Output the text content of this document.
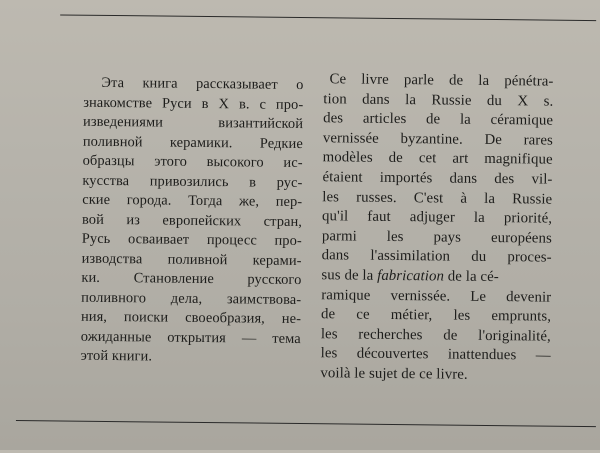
Эта книга рассказывает о
знакомстве Руси в X в. с про-
изведениями византийской
поливной керамики. Редкие
образцы этого высокого ис-
кусства привозились в рус-
ские города. Тогда же, пер-
вой из европейских стран,
Русь осваивает процесс про-
изводства поливной керами-
ки. Становление русского
поливного дела, заимствова-
ния, поиски своеобразия, не-
ожиданные открытия — тема
этой книги.
Ce livre parle de la pénétra-
tion dans la Russie du X s.
des articles de la céramique
vernissée byzantine. De rares
modèles de cet art magnifique
étaient importés dans des vil-
les russes. C'est à la Russie
qu'il faut adjuger la priorité,
parmi les pays européens
dans l'assimilation du proces-
sus de la fabrication de la cé-
ramique vernissée. Le devenir
de ce métier, les emprunts,
les recherches de l'originalité,
les découvertes inattendues —
voilà le sujet de ce livre.
